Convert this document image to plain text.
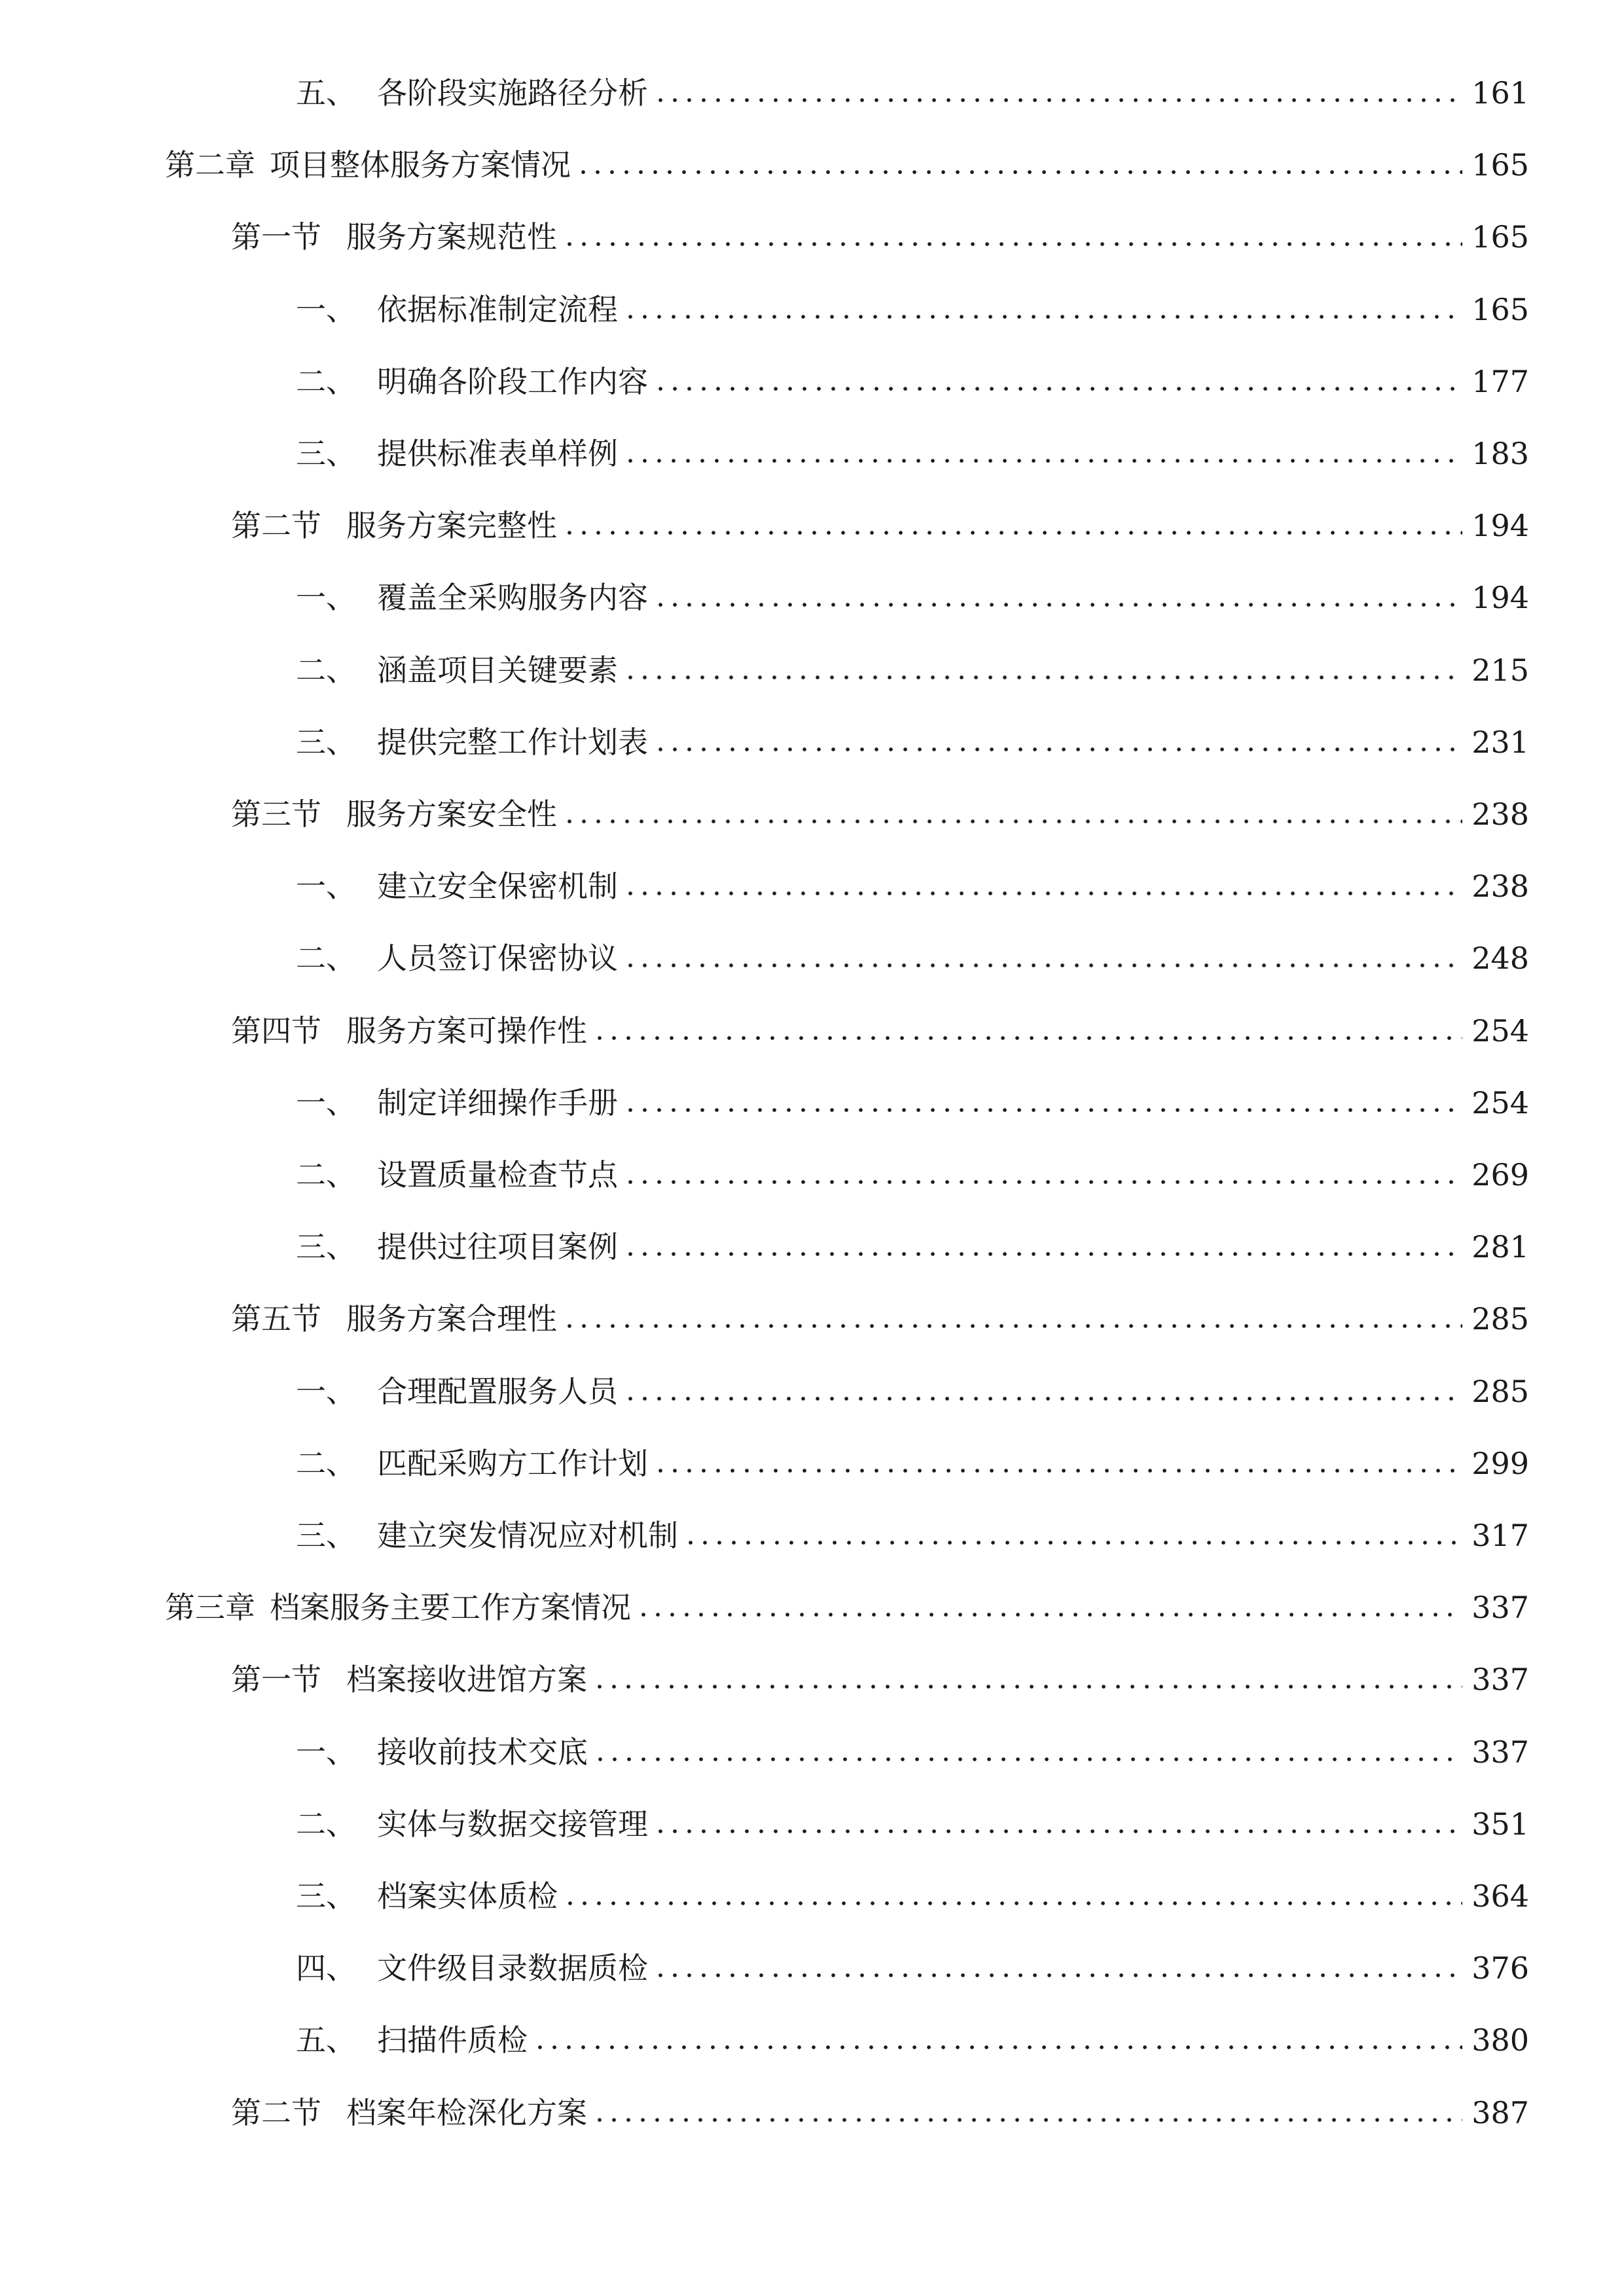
五、 各阶段实施路径分析	161
第二章 项目整体服务方案情况	165
第一节 服务方案规范性	165
一、 依据标准制定流程	165
二、 明确各阶段工作内容	177
三、 提供标准表单样例	183
第二节 服务方案完整性	194
一、 覆盖全采购服务内容	194
二、 涵盖项目关键要素	215
三、 提供完整工作计划表	231
第三节 服务方案安全性	238
一、 建立安全保密机制	238
二、 人员签订保密协议	248
第四节 服务方案可操作性	254
一、 制定详细操作手册	254
二、 设置质量检查节点	269
三、 提供过往项目案例	281
第五节 服务方案合理性	285
一、 合理配置服务人员	285
二、 匹配采购方工作计划	299
三、 建立突发情况应对机制	317
第三章 档案服务主要工作方案情况	337
第一节 档案接收进馆方案	337
一、 接收前技术交底	337
二、 实体与数据交接管理	351
三、 档案实体质检	364
四、 文件级目录数据质检	376
五、 扫描件质检	380
第二节 档案年检深化方案	387
